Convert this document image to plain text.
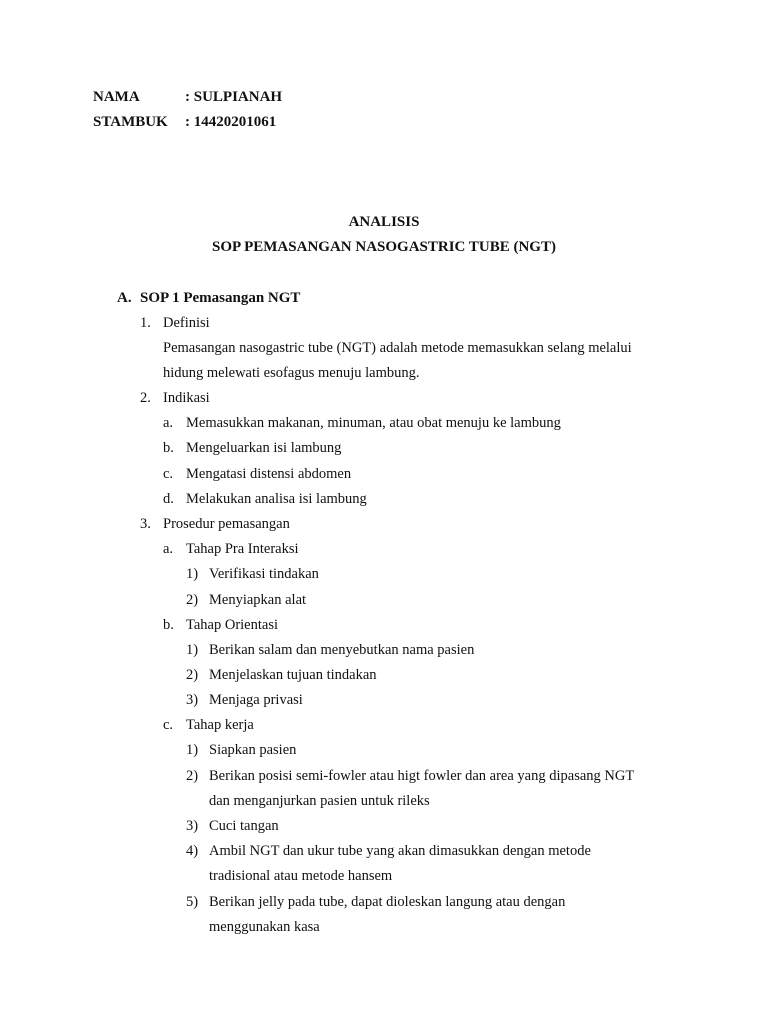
NAMA	: SULPIANAH
STAMBUK : 14420201061
ANALISIS
SOP PEMASANGAN NASOGASTRIC TUBE (NGT)
A. SOP 1 Pemasangan NGT
1. Definisi
Pemasangan nasogastric tube (NGT) adalah metode memasukkan selang melalui
hidung melewati esofagus menuju lambung.
2. Indikasi
a. Memasukkan makanan, minuman, atau obat menuju ke lambung
b. Mengeluarkan isi lambung
c. Mengatasi distensi abdomen
d. Melakukan analisa isi lambung
3. Prosedur pemasangan
a. Tahap Pra Interaksi
1) Verifikasi tindakan
2) Menyiapkan alat
b. Tahap Orientasi
1) Berikan salam dan menyebutkan nama pasien
2) Menjelaskan tujuan tindakan
3) Menjaga privasi
c. Tahap kerja
1) Siapkan pasien
2) Berikan posisi semi-fowler atau higt fowler dan area yang dipasang NGT
dan menganjurkan pasien untuk rileks
3) Cuci tangan
4) Ambil NGT dan ukur tube yang akan dimasukkan dengan metode
tradisional atau metode hansem
5) Berikan jelly pada tube, dapat dioleskan langung atau dengan
menggunakan kasa
